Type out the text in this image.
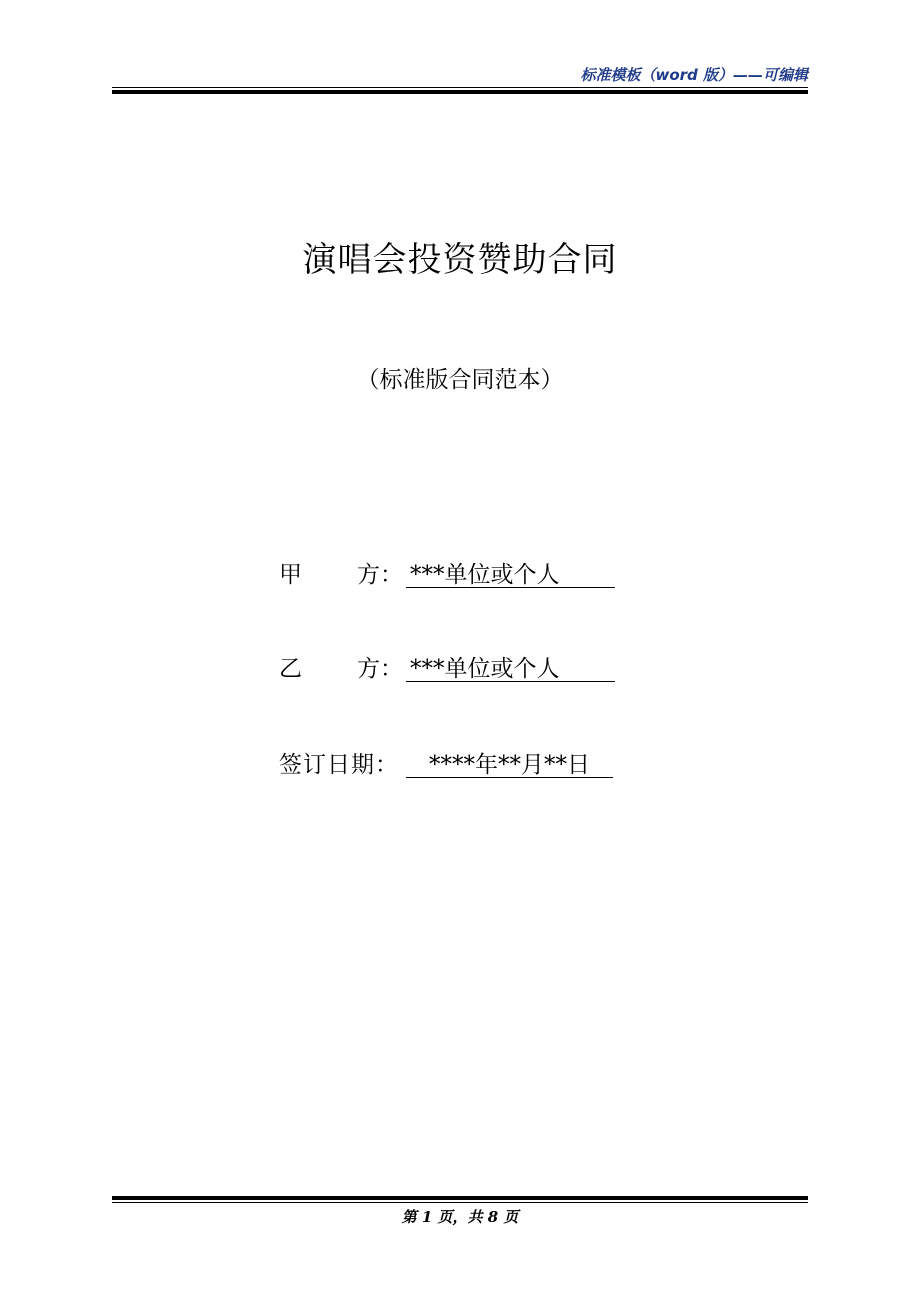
标准模板（word 版）——可编辑
演唱会投资赞助合同
（标准版合同范本）
甲 方： ***单位或个人
乙 方： ***单位或个人
签订日期：	****年**月**日
第 1 页，共 8 页
